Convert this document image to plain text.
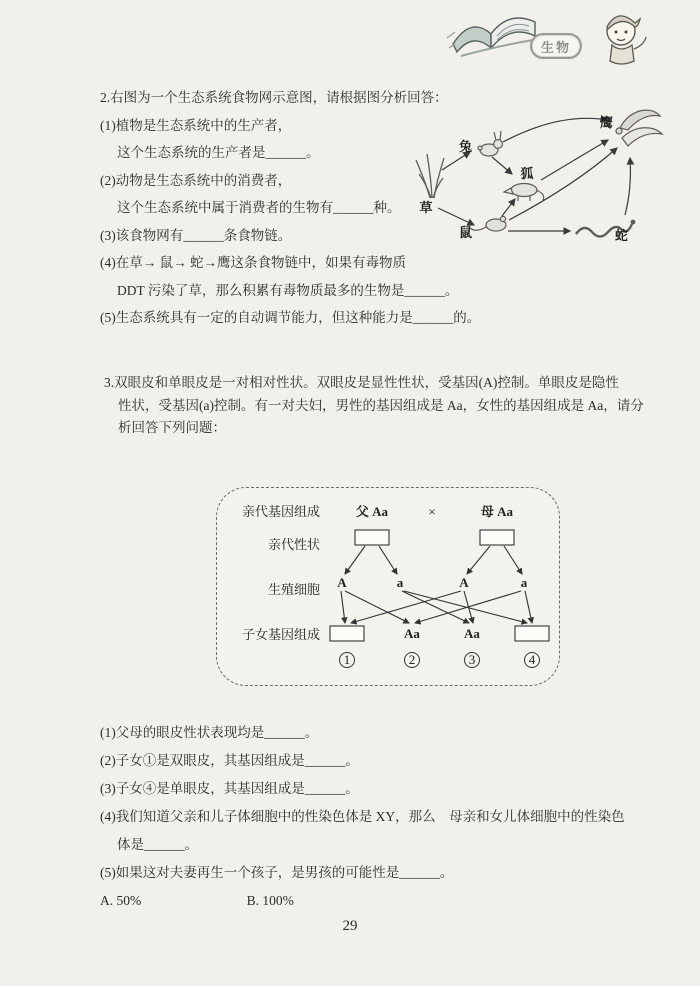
生物
2.右图为一个生态系统食物网示意图，请根据图分析回答：
(1)植物是生态系统中的生产者，
这个生态系统的生产者是______。
(2)动物是生态系统中的消费者，
这个生态系统中属于消费者的生物有______种。
(3)该食物网有______条食物链。
(4)在草→ 鼠→ 蛇→鹰这条食物链中，如果有毒物质
DDT 污染了草，那么积累有毒物质最多的生物是______。
(5)生态系统具有一定的自动调节能力，但这种能力是______的。
鹰
兔
狐
草
鼠	蛇
3.双眼皮和单眼皮是一对相对性状。双眼皮是显性性状，受基因(A)控制。单眼皮是隐性
性状，受基因(a)控制。有一对夫妇，男性的基因组成是 Aa，女性的基因组成是 Aa，请分
析回答下列问题：
亲代基因组成
亲代性状
生殖细胞
子女基因组成
父 Aa	×	母 Aa
A	a	A	a
Aa	Aa
1	2	3	4
(1)父母的眼皮性状表现均是______。
(2)子女①是双眼皮，其基因组成是______。
(3)子女④是单眼皮，其基因组成是______。
(4)我们知道父亲和儿子体细胞中的性染色体是 XY，那么　母亲和女儿体细胞中的性染色
体是______。
(5)如果这对夫妻再生一个孩子，是男孩的可能性是______。
A. 50%	B. 100%
29
